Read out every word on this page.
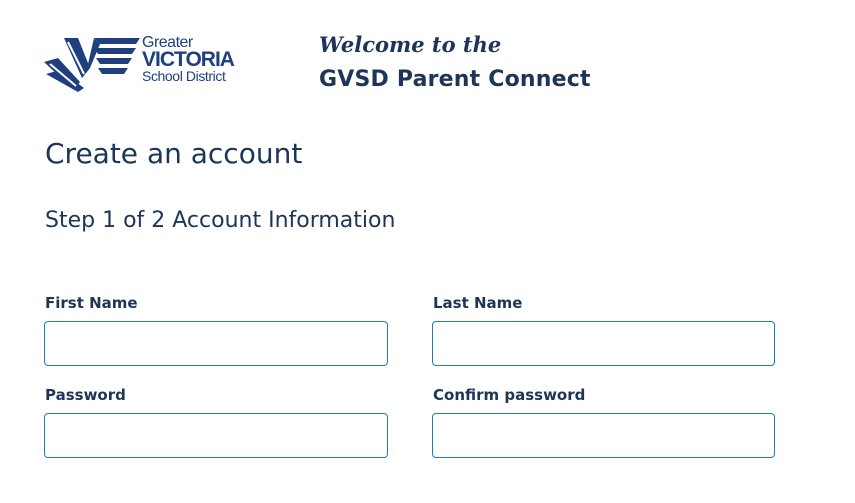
Greater
VICTORIA
School District
Welcome to the
GVSD Parent Connect
Create an account
Step 1 of 2 Account Information
First Name	Last Name
Password	Confirm password
